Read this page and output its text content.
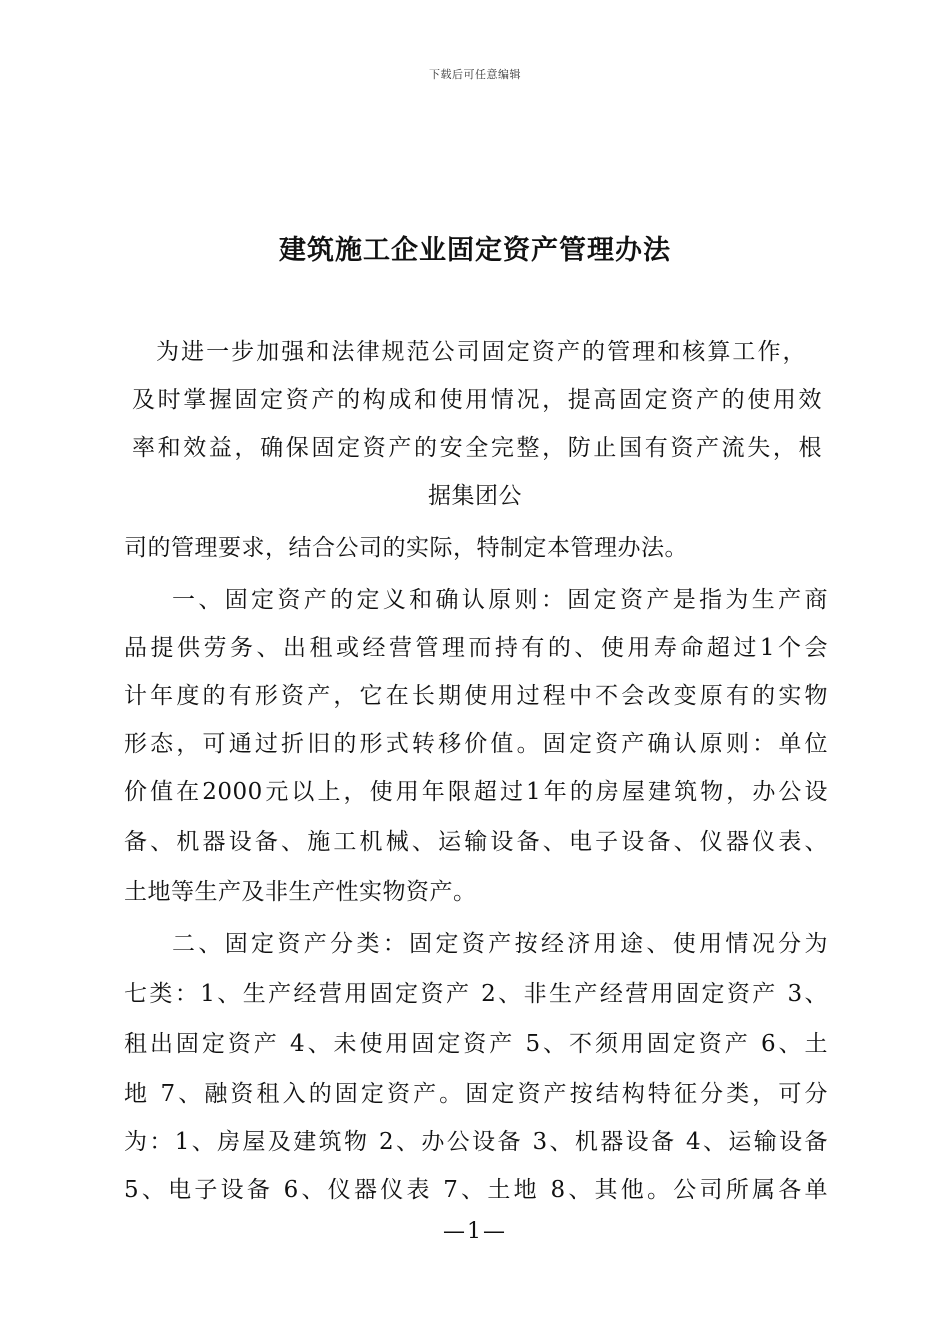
下载后可任意编辑
建筑施工企业固定资产管理办法
为进一步加强和法律规范公司固定资产的管理和核算工作，
及时掌握固定资产的构成和使用情况，提高固定资产的使用效
率和效益，确保固定资产的安全完整，防止国有资产流失，根
据集团公
司的管理要求，结合公司的实际，特制定本管理办法。
一、固定资产的定义和确认原则：固定资产是指为生产商
品提供劳务、出租或经营管理而持有的、使用寿命超过1个会
计年度的有形资产，它在长期使用过程中不会改变原有的实物
形态，可通过折旧的形式转移价值。固定资产确认原则：单位
价值在2000元以上，使用年限超过1年的房屋建筑物，办公设
备、机器设备、施工机械、运输设备、电子设备、仪器仪表、
土地等生产及非生产性实物资产。
二、固定资产分类：固定资产按经济用途、使用情况分为
七类：1、生产经营用固定资产 2、非生产经营用固定资产 3、
租出固定资产 4、未使用固定资产 5、不须用固定资产 6、土
地 7、融资租入的固定资产。固定资产按结构特征分类，可分
为：1、房屋及建筑物 2、办公设备 3、机器设备 4、运输设备
5、电子设备 6、仪器仪表 7、土地 8、其他。公司所属各单
—1—
